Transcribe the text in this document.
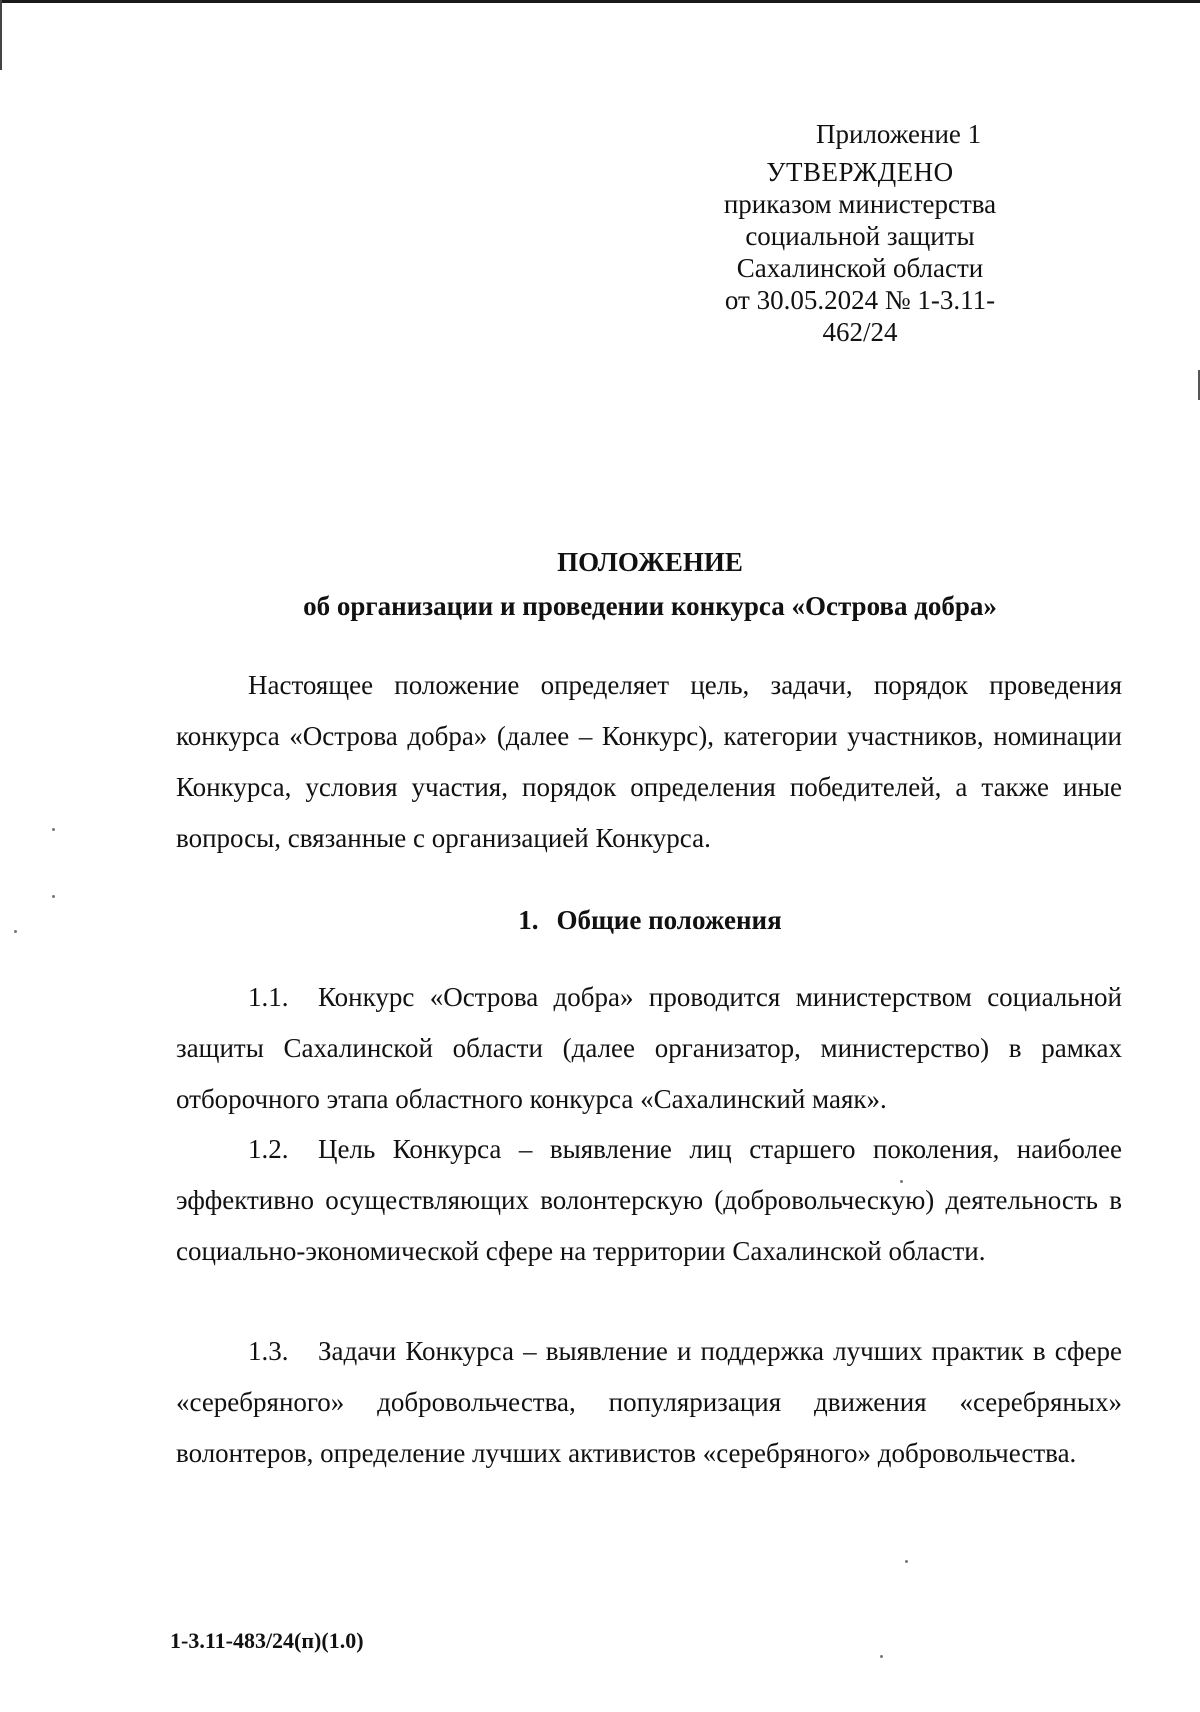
Приложение 1
УТВЕРЖДЕНО
приказом министерства
социальной защиты
Сахалинской области
от 30.05.2024 № 1-3.11-462/24
ПОЛОЖЕНИЕ
об организации и проведении конкурса «Острова добра»
Настоящее положение определяет цель, задачи, порядок проведения конкурса «Острова добра» (далее – Конкурс), категории участников, номинации Конкурса, условия участия, порядок определения победителей, а также иные вопросы, связанные с организацией Конкурса.
1. Общие положения
1.1. Конкурс «Острова добра» проводится министерством социальной защиты Сахалинской области (далее организатор, министерство) в рамках отборочного этапа областного конкурса «Сахалинский маяк».
1.2. Цель Конкурса – выявление лиц старшего поколения, наиболее эффективно осуществляющих волонтерскую (добровольческую) деятельность в социально-экономической сфере на территории Сахалинской области.
1.3. Задачи Конкурса – выявление и поддержка лучших практик в сфере «серебряного» добровольчества, популяризация движения «серебряных» волонтеров, определение лучших активистов «серебряного» добровольчества.
1-3.11-483/24(п)(1.0)
